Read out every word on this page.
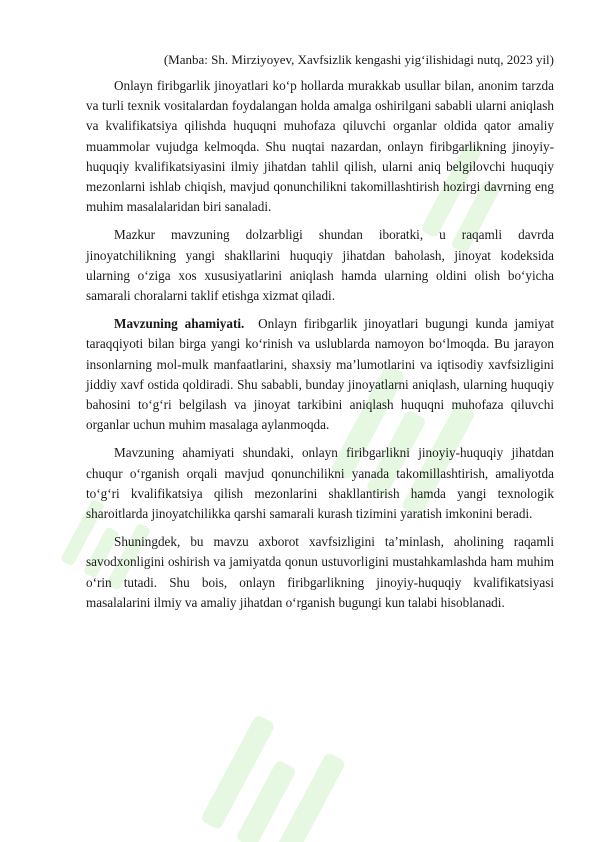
(Manba: Sh. Mirziyoyev, Xavfsizlik kengashi yig‘ilishidagi nutq, 2023 yil)

Onlayn firibgarlik jinoyatlari ko‘p hollarda murakkab usullar bilan, anonim tarzda va turli texnik vositalardan foydalangan holda amalga oshirilgani sababli ularni aniqlash va kvalifikatsiya qilishda huquqni muhofaza qiluvchi organlar oldida qator amaliy muammolar vujudga kelmoqda. Shu nuqtai nazardan, onlayn firibgarlikning jinoyiy-huquqiy kvalifikatsiyasini ilmiy jihatdan tahlil qilish, ularni aniq belgilovchi huquqiy mezonlarni ishlab chiqish, mavjud qonunchilikni takomillashtirish hozirgi davrning eng muhim masalalaridan biri sanaladi.

Mazkur mavzuning dolzarbligi shundan iboratki, u raqamli davrda jinoyatchilikning yangi shakllarini huquqiy jihatdan baholash, jinoyat kodeksida ularning o‘ziga xos xususiyatlarini aniqlash hamda ularning oldini olish bo‘yicha samarali choralarni taklif etishga xizmat qiladi.

Mavzuning ahamiyati. Onlayn firibgarlik jinoyatlari bugungi kunda jamiyat taraqqiyoti bilan birga yangi ko‘rinish va uslublarda namoyon bo‘lmoqda. Bu jarayon insonlarning mol-mulk manfaatlarini, shaxsiy ma’lumotlarini va iqtisodiy xavfsizligini jiddiy xavf ostida qoldiradi. Shu sababli, bunday jinoyatlarni aniqlash, ularning huquqiy bahosini to‘g‘ri belgilash va jinoyat tarkibini aniqlash huquqni muhofaza qiluvchi organlar uchun muhim masalaga aylanmoqda.

Mavzuning ahamiyati shundaki, onlayn firibgarlikni jinoyiy-huquqiy jihatdan chuqur o‘rganish orqali mavjud qonunchilikni yanada takomillashtirish, amaliyotda to‘g‘ri kvalifikatsiya qilish mezonlarini shakllantirish hamda yangi texnologik sharoitlarda jinoyatchilikka qarshi samarali kurash tizimini yaratish imkonini beradi.

Shuningdek, bu mavzu axborot xavfsizligini ta’minlash, aholining raqamli savodxonligini oshirish va jamiyatda qonun ustuvorligini mustahkamlashda ham muhim o‘rin tutadi. Shu bois, onlayn firibgarlikning jinoyiy-huquqiy kvalifikatsiyasi masalalarini ilmiy va amaliy jihatdan o‘rganish bugungi kun talabi hisoblanadi.
